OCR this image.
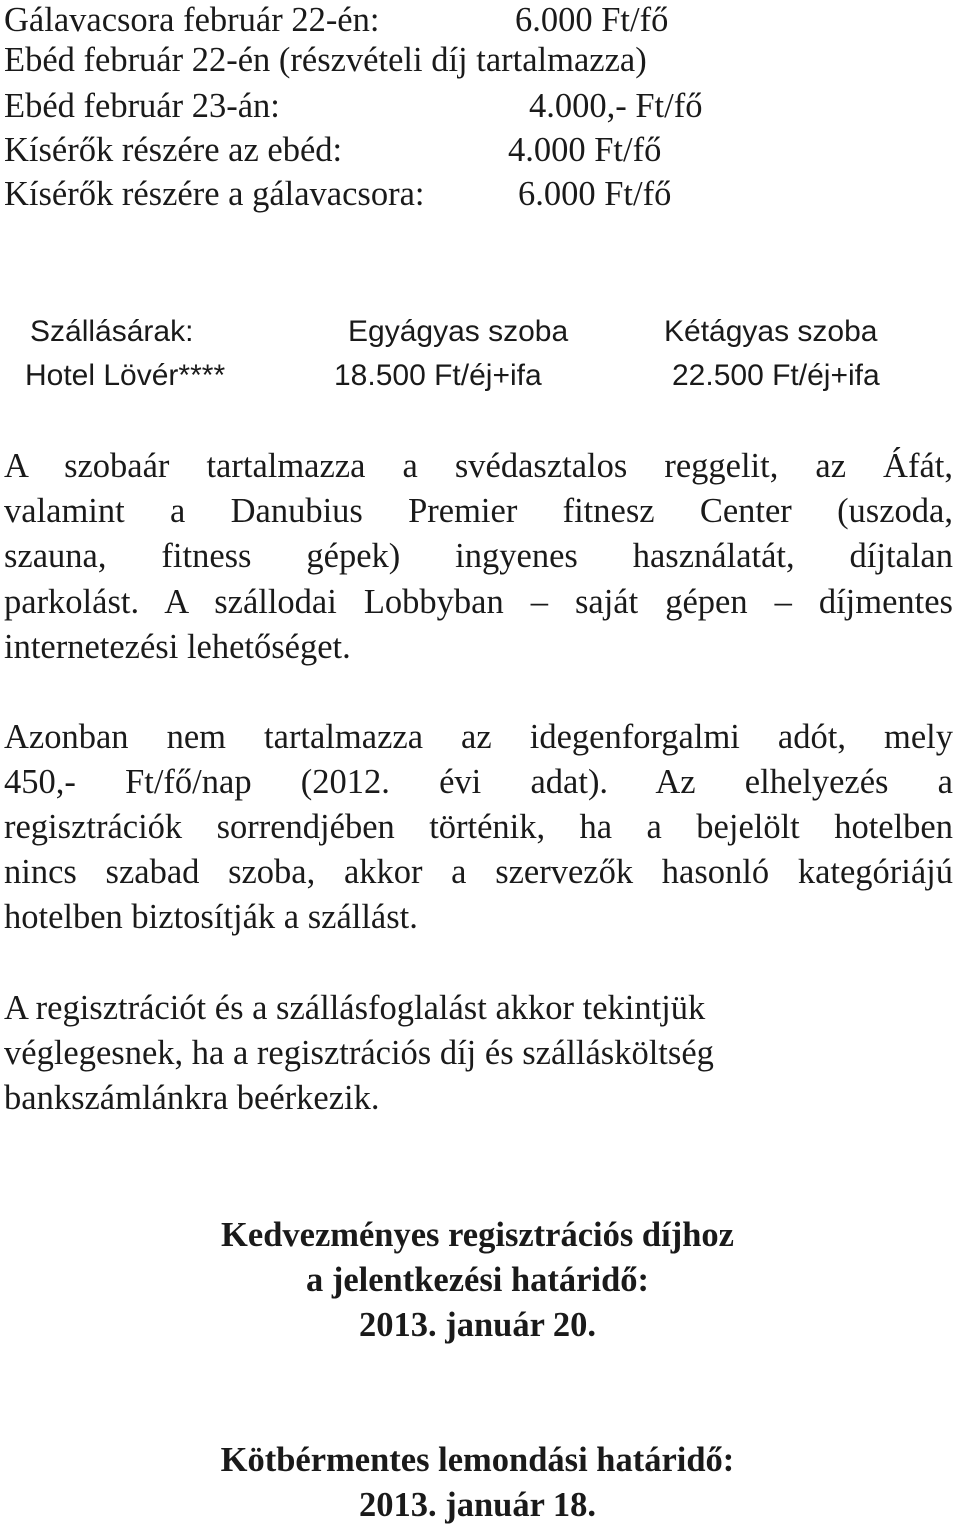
Gálavacsora február 22-én:	6.000 Ft/fő

Ebéd február 22-én (részvételi díj tartalmazza)

Ebéd február 23-án:	4.000,- Ft/fő

Kísérők részére az ebéd:	4.000 Ft/fő

Kísérők részére a gálavacsora:	6.000 Ft/fő

Szállásárak:	Egyágyas szoba	Kétágyas szoba

Hotel Lövér****	18.500 Ft/éj+ifa	22.500 Ft/éj+ifa

A szobaár tartalmazza a svédasztalos reggelit, az Áfát,
valamint a Danubius Premier fitnesz Center (uszoda,
szauna, fitness gépek) ingyenes használatát, díjtalan
parkolást. A szállodai Lobbyban – saját gépen – díjmentes
internetezési lehetőséget.
Azonban nem tartalmazza az idegenforgalmi adót, mely
450,- Ft/fő/nap (2012. évi adat). Az elhelyezés a
regisztrációk sorrendjében történik, ha a bejelölt hotelben
nincs szabad szoba, akkor a szervezők hasonló kategóriájú
hotelben biztosítják a szállást.

A regisztrációt és a szállásfoglalást akkor tekintjük

véglegesnek, ha a regisztrációs díj és szállásköltség

bankszámlánkra beérkezik.

Kedvezményes regisztrációs díjhoz

a jelentkezési határidő:

2013. január 20.

Kötbérmentes lemondási határidő:

2013. január 18.
